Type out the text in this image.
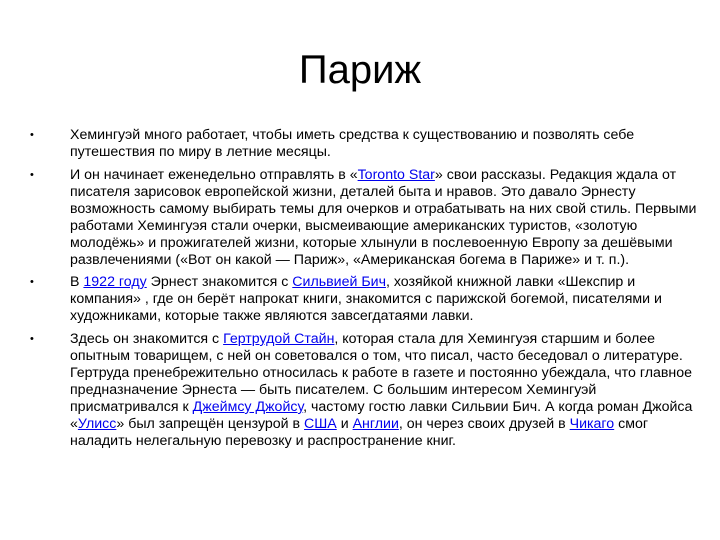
Париж
•	Хемингуэй много работает, чтобы иметь средства к существованию и позволять себе путешествия по миру в летние месяцы.
•	И он начинает еженедельно отправлять в «Toronto Star» свои рассказы. Редакция ждала от писателя зарисовок европейской жизни, деталей быта и нравов. Это давало Эрнесту возможность самому выбирать темы для очерков и отрабатывать на них свой стиль. Первыми работами Хемингуэя стали очерки, высмеивающие американских туристов, «золотую молодёжь» и прожигателей жизни, которые хлынули в послевоенную Европу за дешёвыми развлечениями («Вот он какой — Париж», «Американская богема в Париже» и т. п.).
•	В 1922 году Эрнест знакомится с Сильвией Бич, хозяйкой книжной лавки «Шекспир и компания» , где он берёт напрокат книги, знакомится с парижской богемой, писателями и художниками, которые также являются завсегдатаями лавки.
•	Здесь он знакомится с Гертрудой Стайн, которая стала для Хемингуэя старшим и более опытным товарищем, с ней он советовался о том, что писал, часто беседовал о литературе. Гертруда пренебрежительно относилась к работе в газете и постоянно убеждала, что главное предназначение Эрнеста — быть писателем. С большим интересом Хемингуэй присматривался к Джеймсу Джойсу, частому гостю лавки Сильвии Бич. А когда роман Джойса «Улисс» был запрещён цензурой в США и Англии, он через своих друзей в Чикаго смог наладить нелегальную перевозку и распространение книг.
